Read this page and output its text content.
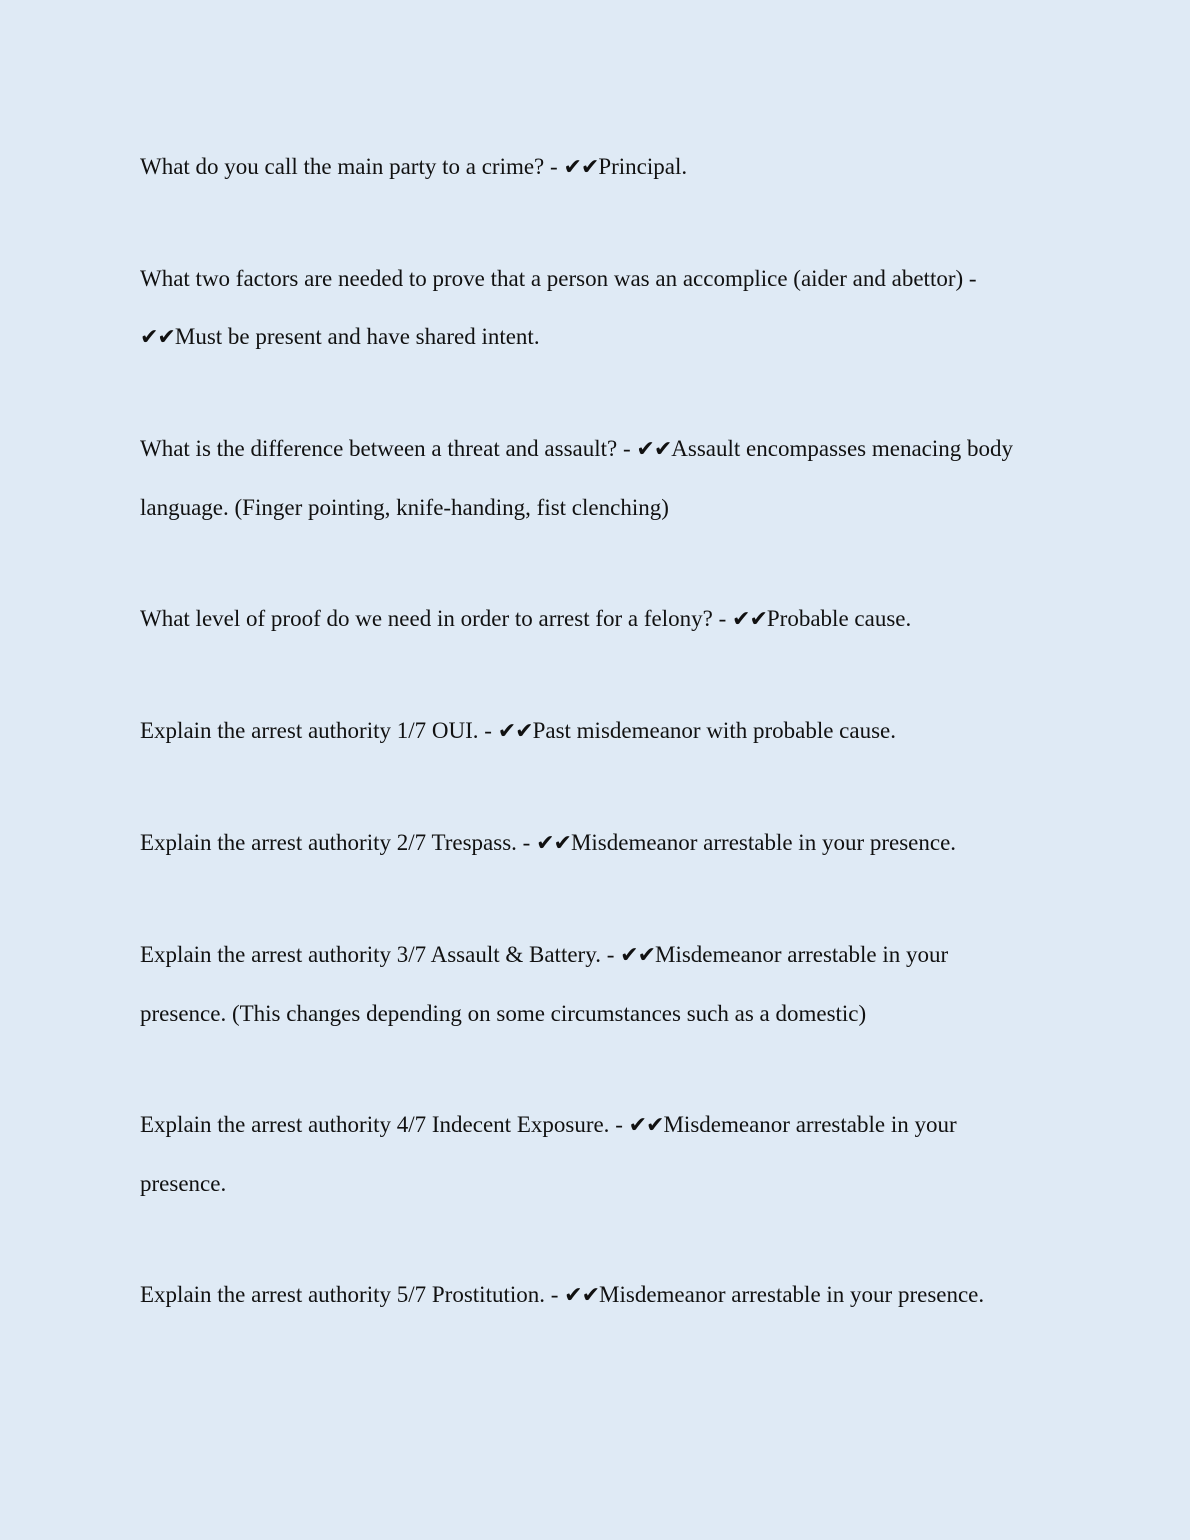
What do you call the main party to a crime? - ✔✔Principal.

What two factors are needed to prove that a person was an accomplice (aider and abettor) - ✔✔Must be present and have shared intent.

What is the difference between a threat and assault? - ✔✔Assault encompasses menacing body language. (Finger pointing, knife-handing, fist clenching)

What level of proof do we need in order to arrest for a felony? - ✔✔Probable cause.

Explain the arrest authority 1/7 OUI. - ✔✔Past misdemeanor with probable cause.

Explain the arrest authority 2/7 Trespass. - ✔✔Misdemeanor arrestable in your presence.

Explain the arrest authority 3/7 Assault & Battery. - ✔✔Misdemeanor arrestable in your presence. (This changes depending on some circumstances such as a domestic)

Explain the arrest authority 4/7 Indecent Exposure. - ✔✔Misdemeanor arrestable in your presence.

Explain the arrest authority 5/7 Prostitution. - ✔✔Misdemeanor arrestable in your presence.
